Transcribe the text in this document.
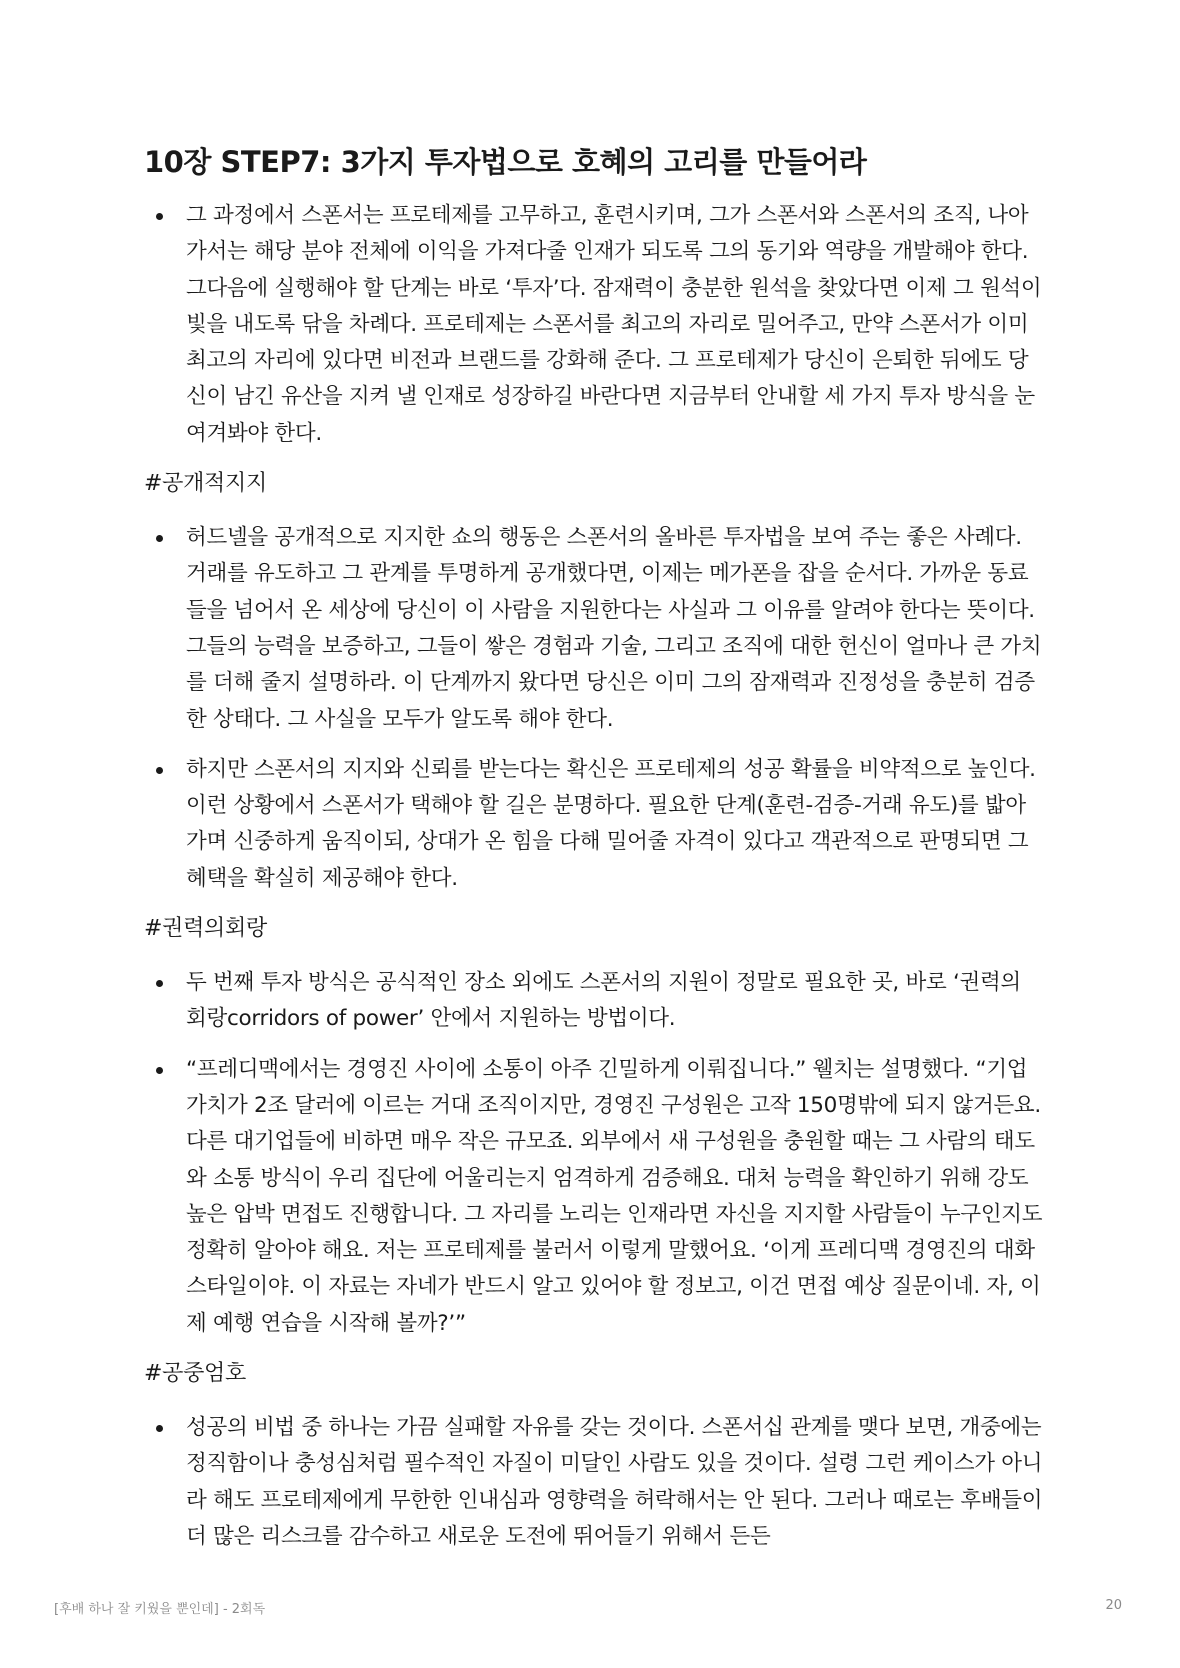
10장 STEP7: 3가지 투자법으로 호혜의 고리를 만들어라
그 과정에서 스폰서는 프로테제를 고무하고, 훈련시키며, 그가 스폰서와 스폰서의 조직, 나아가서는 해당 분야 전체에 이익을 가져다줄 인재가 되도록 그의 동기와 역량을 개발해야 한다. 그다음에 실행해야 할 단계는 바로 ‘투자’다. 잠재력이 충분한 원석을 찾았다면 이제 그 원석이 빛을 내도록 닦을 차례다. 프로테제는 스폰서를 최고의 자리로 밀어주고, 만약 스폰서가 이미 최고의 자리에 있다면 비전과 브랜드를 강화해 준다. 그 프로테제가 당신이 은퇴한 뒤에도 당신이 남긴 유산을 지켜 낼 인재로 성장하길 바란다면 지금부터 안내할 세 가지 투자 방식을 눈여겨봐야 한다.
#공개적지지
허드넬을 공개적으로 지지한 쇼의 행동은 스폰서의 올바른 투자법을 보여 주는 좋은 사례다. 거래를 유도하고 그 관계를 투명하게 공개했다면, 이제는 메가폰을 잡을 순서다. 가까운 동료들을 넘어서 온 세상에 당신이 이 사람을 지원한다는 사실과 그 이유를 알려야 한다는 뜻이다. 그들의 능력을 보증하고, 그들이 쌓은 경험과 기술, 그리고 조직에 대한 헌신이 얼마나 큰 가치를 더해 줄지 설명하라. 이 단계까지 왔다면 당신은 이미 그의 잠재력과 진정성을 충분히 검증한 상태다. 그 사실을 모두가 알도록 해야 한다.
하지만 스폰서의 지지와 신뢰를 받는다는 확신은 프로테제의 성공 확률을 비약적으로 높인다. 이런 상황에서 스폰서가 택해야 할 길은 분명하다. 필요한 단계(훈련-검증-거래 유도)를 밟아 가며 신중하게 움직이되, 상대가 온 힘을 다해 밀어줄 자격이 있다고 객관적으로 판명되면 그 혜택을 확실히 제공해야 한다.
#권력의회랑
두 번째 투자 방식은 공식적인 장소 외에도 스폰서의 지원이 정말로 필요한 곳, 바로 ‘권력의 회랑corridors of power’ 안에서 지원하는 방법이다.
“프레디맥에서는 경영진 사이에 소통이 아주 긴밀하게 이뤄집니다.” 웰치는 설명했다. “기업 가치가 2조 달러에 이르는 거대 조직이지만, 경영진 구성원은 고작 150명밖에 되지 않거든요. 다른 대기업들에 비하면 매우 작은 규모죠. 외부에서 새 구성원을 충원할 때는 그 사람의 태도와 소통 방식이 우리 집단에 어울리는지 엄격하게 검증해요. 대처 능력을 확인하기 위해 강도 높은 압박 면접도 진행합니다. 그 자리를 노리는 인재라면 자신을 지지할 사람들이 누구인지도 정확히 알아야 해요. 저는 프로테제를 불러서 이렇게 말했어요. ‘이게 프레디맥 경영진의 대화 스타일이야. 이 자료는 자네가 반드시 알고 있어야 할 정보고, 이건 면접 예상 질문이네. 자, 이제 예행 연습을 시작해 볼까?’”
#공중엄호
성공의 비법 중 하나는 가끔 실패할 자유를 갖는 것이다. 스폰서십 관계를 맺다 보면, 개중에는 정직함이나 충성심처럼 필수적인 자질이 미달인 사람도 있을 것이다. 설령 그런 케이스가 아니라 해도 프로테제에게 무한한 인내심과 영향력을 허락해서는 안 된다. 그러나 때로는 후배들이 더 많은 리스크를 감수하고 새로운 도전에 뛰어들기 위해서 든든
[후배 하나 잘 키웠을 뿐인데] - 2회독	20
